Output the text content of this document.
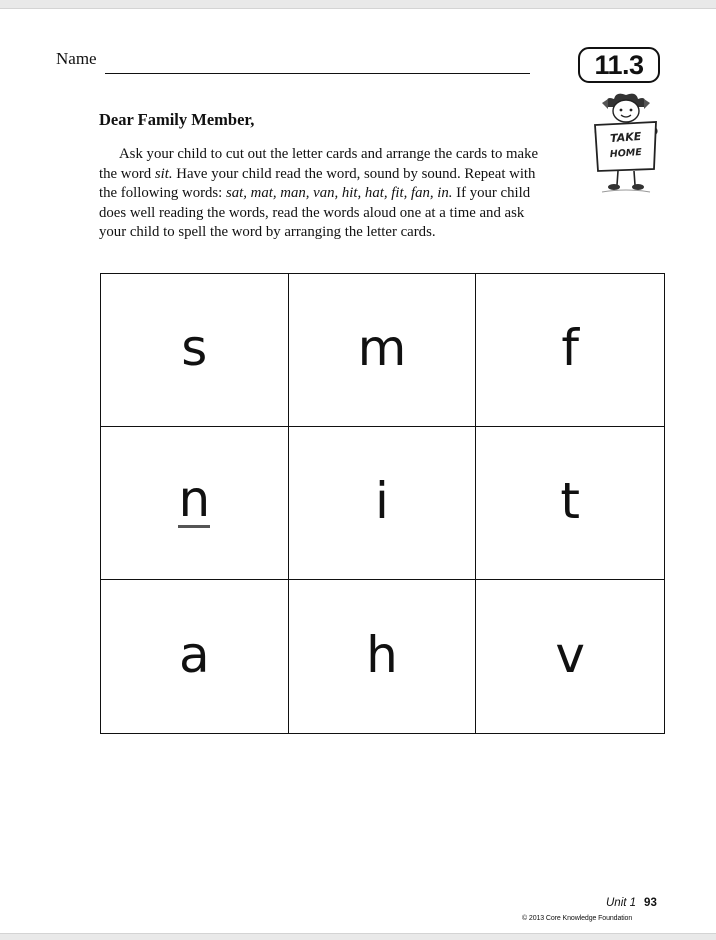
Name	11.3
TAKE
HOME
Dear Family Member,

Ask your child to cut out the letter cards and arrange the cards to make
the word sit. Have your child read the word, sound by sound. Repeat with
the following words: sat, mat, man, van, hit, hat, fit, fan, in. If your child
does well reading the words, read the words aloud one at a time and ask
your child to spell the word by arranging the letter cards.

s	m	f
n	i	t
a	h	v
Unit 1 93
© 2013 Core Knowledge Foundation
